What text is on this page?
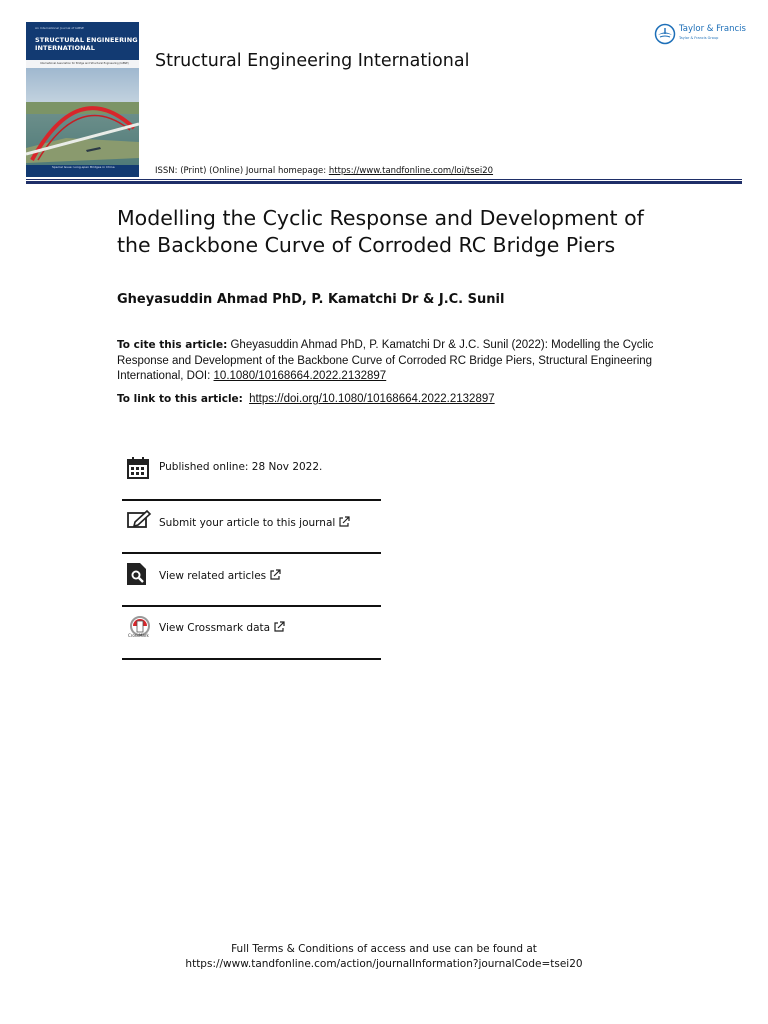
An International Journal of IABSE
STRUCTURAL ENGINEERING
INTERNATIONAL
International Association for Bridge and Structural Engineering (IABSE)
Special Issue: Long-span Bridges in China
Structural Engineering International
ISSN: (Print) (Online) Journal homepage: https://www.tandfonline.com/loi/tsei20
Taylor & Francis
Taylor & Francis Group
Modelling the Cyclic Response and Development of the Backbone Curve of Corroded RC Bridge Piers
Gheyasuddin Ahmad PhD, P. Kamatchi Dr & J.C. Sunil
To cite this article: Gheyasuddin Ahmad PhD, P. Kamatchi Dr & J.C. Sunil (2022): Modelling the Cyclic Response and Development of the Backbone Curve of Corroded RC Bridge Piers, Structural Engineering International, DOI: 10.1080/10168664.2022.2132897
To link to this article: https://doi.org/10.1080/10168664.2022.2132897
Published online: 28 Nov 2022.
Submit your article to this journal
View related articles
CrossMark
View Crossmark data
Full Terms & Conditions of access and use can be found at
https://www.tandfonline.com/action/journalInformation?journalCode=tsei20
